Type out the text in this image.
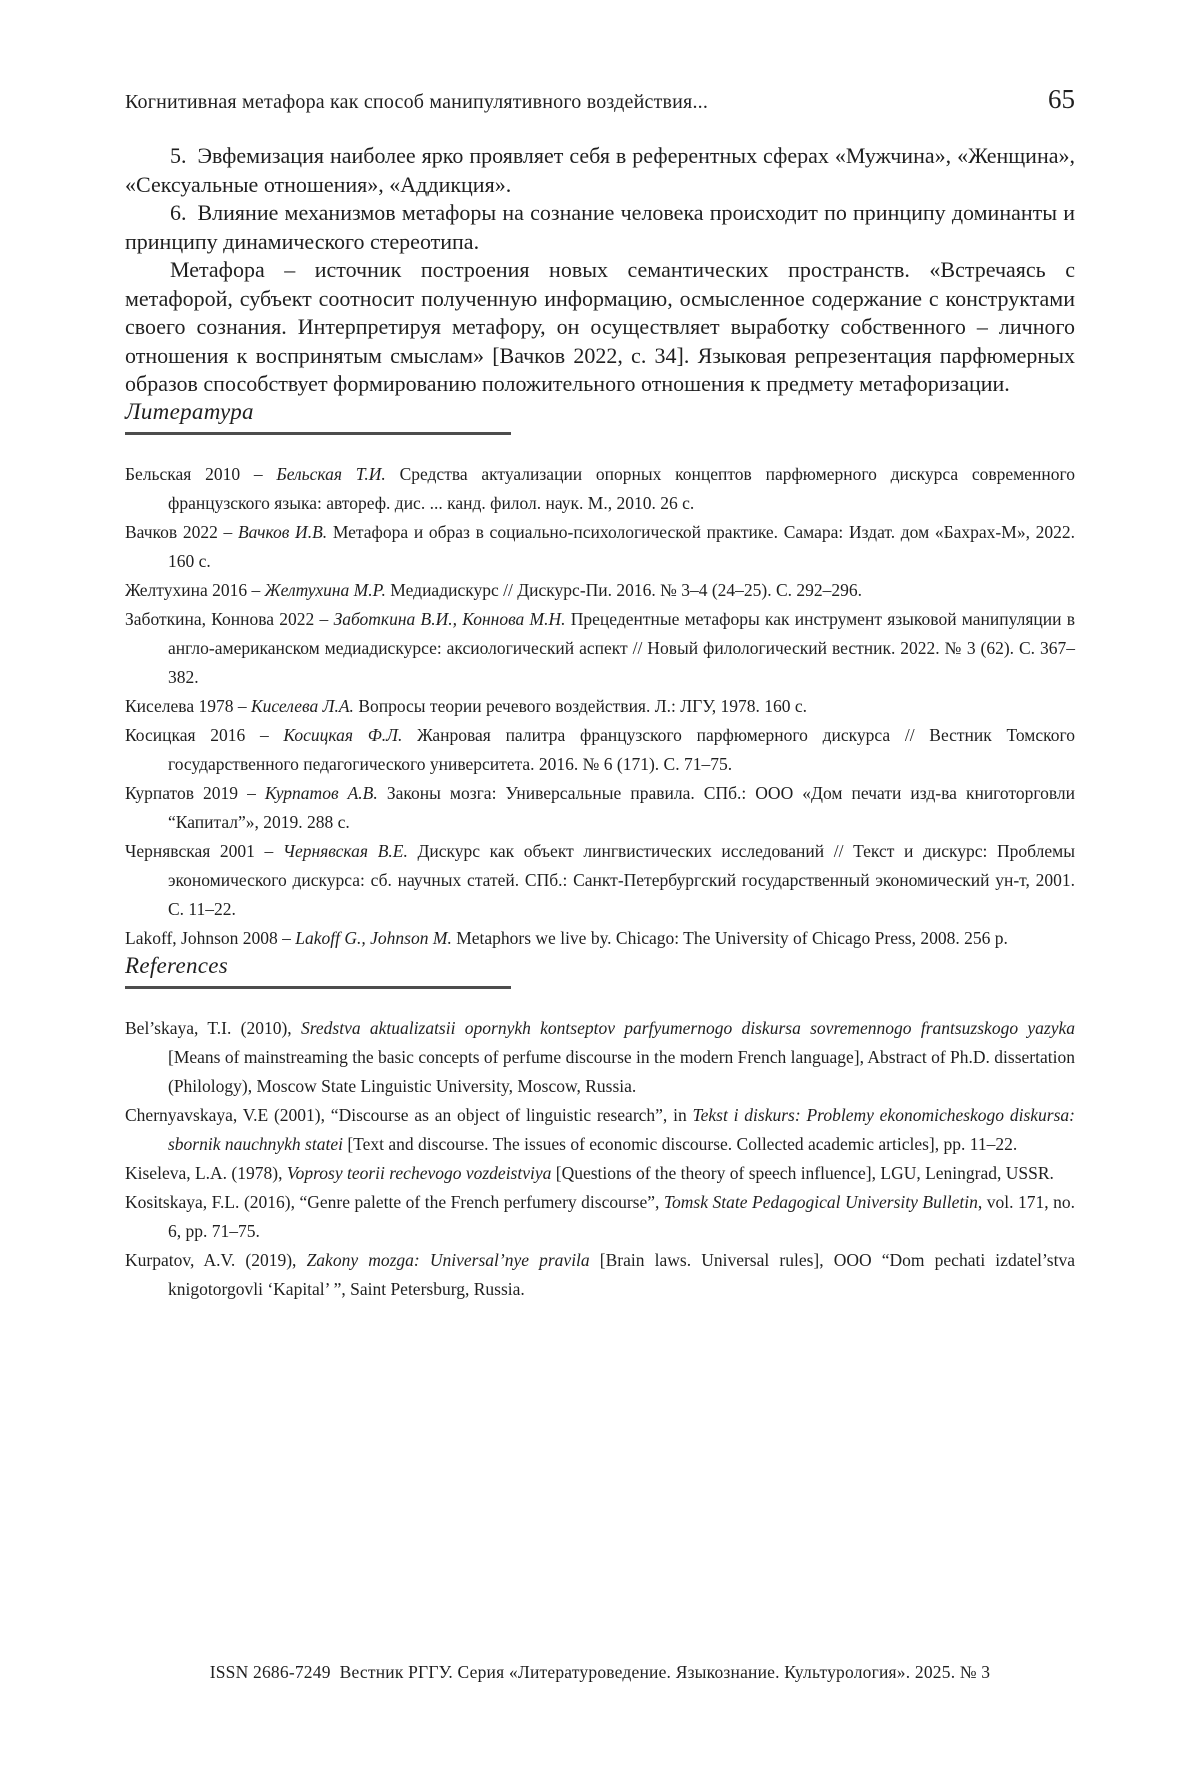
Когнитивная метафора как способ манипулятивного воздействия...	65

5. Эвфемизация наиболее ярко проявляет себя в референтных сферах «Мужчина», «Женщина», «Сексуальные отношения», «Аддикция».

6. Влияние механизмов метафоры на сознание человека происходит по принципу доминанты и принципу динамического стереотипа.

Метафора – источник построения новых семантических пространств. «Встречаясь с метафорой, субъект соотносит полученную информацию, осмысленное содержание с конструктами своего сознания. Интерпретируя метафору, он осуществляет выработку собственного – личного отношения к воспринятым смыслам» [Вачков 2022, с. 34]. Языковая репрезентация парфюмерных образов способствует формированию положительного отношения к предмету метафоризации.

Литература
Бельская 2010 – Бельская Т.И. Средства актуализации опорных концептов парфюмерного дискурса современного французского языка: автореф. дис. ... канд. филол. наук. М., 2010. 26 с.
Вачков 2022 – Вачков И.В. Метафора и образ в социально-психологической практике. Самара: Издат. дом «Бахрах-М», 2022. 160 с.
Желтухина 2016 – Желтухина М.Р. Медиадискурс // Дискурс-Пи. 2016. № 3–4 (24–25). С. 292–296.
Заботкина, Коннова 2022 – Заботкина В.И., Коннова М.Н. Прецедентные метафоры как инструмент языковой манипуляции в англо-американском медиадискурсе: аксиологический аспект // Новый филологический вестник. 2022. № 3 (62). С. 367–382.
Киселева 1978 – Киселева Л.А. Вопросы теории речевого воздействия. Л.: ЛГУ, 1978. 160 с.
Косицкая 2016 – Косицкая Ф.Л. Жанровая палитра французского парфюмерного дискурса // Вестник Томского государственного педагогического университета. 2016. № 6 (171). С. 71–75.
Курпатов 2019 – Курпатов А.В. Законы мозга: Универсальные правила. СПб.: ООО «Дом печати изд-ва книготорговли “Капитал”», 2019. 288 с.
Чернявская 2001 – Чернявская В.Е. Дискурс как объект лингвистических исследований // Текст и дискурс: Проблемы экономического дискурса: сб. научных статей. СПб.: Санкт-Петербургский государственный экономический ун-т, 2001. С. 11–22.
Lakoff, Johnson 2008 – Lakoff G., Johnson M. Metaphors we live by. Chicago: The University of Chicago Press, 2008. 256 p.
References
Bel’skaya, T.I. (2010), Sredstva aktualizatsii opornykh kontseptov parfyumernogo diskursa sovremennogo frantsuzskogo yazyka [Means of mainstreaming the basic concepts of perfume discourse in the modern French language], Abstract of Ph.D. dissertation (Philology), Moscow State Linguistic University, Moscow, Russia.
Chernyavskaya, V.E (2001), “Discourse as an object of linguistic research”, in Tekst i diskurs: Problemy ekonomicheskogo diskursa: sbornik nauchnykh statei [Text and discourse. The issues of economic discourse. Collected academic articles], pp. 11–22.
Kiseleva, L.A. (1978), Voprosy teorii rechevogo vozdeistviya [Questions of the theory of speech influence], LGU, Leningrad, USSR.
Kositskaya, F.L. (2016), “Genre palette of the French perfumery discourse”, Tomsk State Pedagogical University Bulletin, vol. 171, no. 6, pp. 71–75.
Kurpatov, A.V. (2019), Zakony mozga: Universal’nye pravila [Brain laws. Universal rules], OOO “Dom pechati izdatel’stva knigotorgovli ‘Kapital’ ”, Saint Petersburg, Russia.
ISSN 2686-7249 Вестник РГГУ. Серия «Литературоведение. Языкознание. Культурология». 2025. № 3
